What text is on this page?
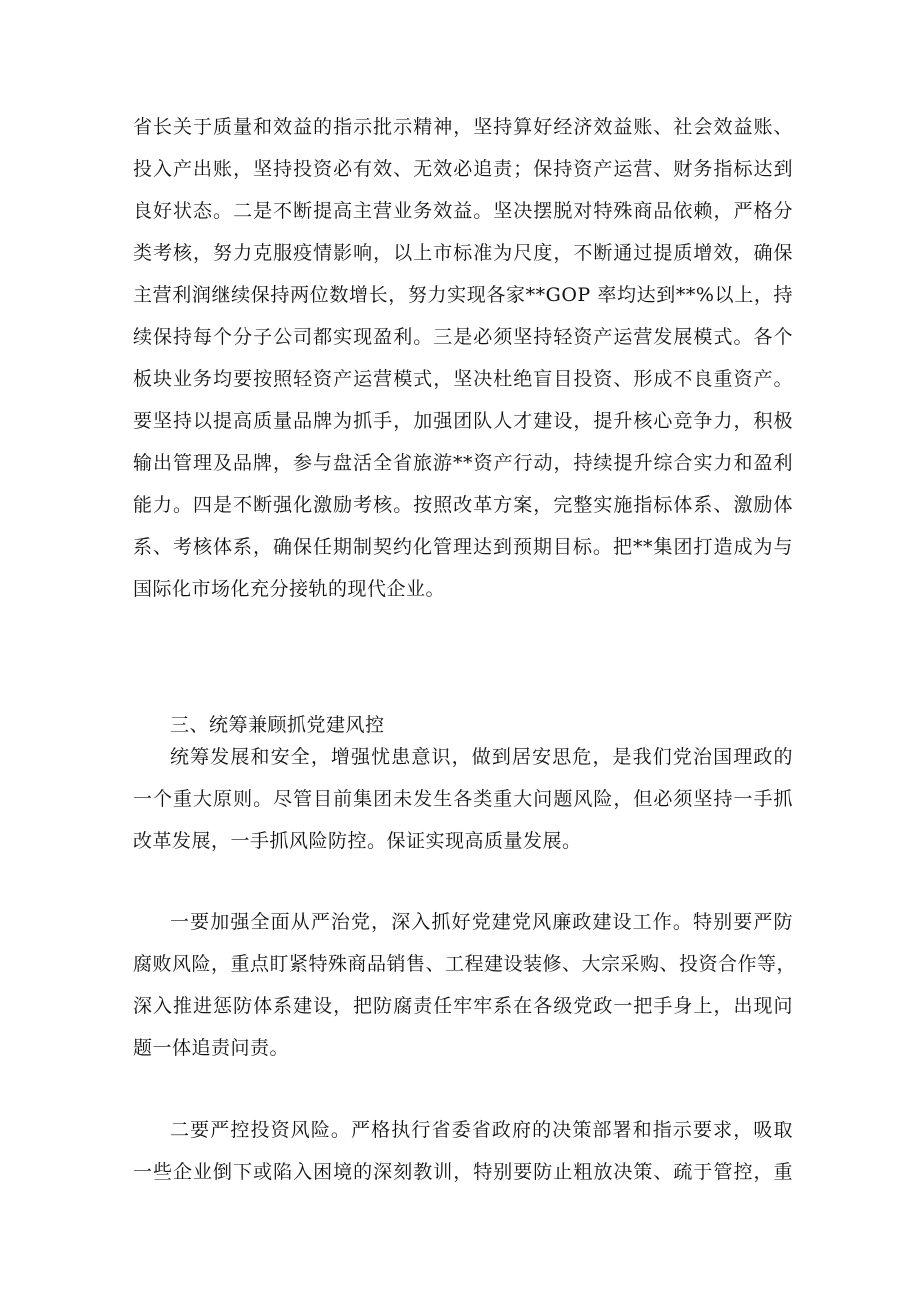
省长关于质量和效益的指示批示精神，坚持算好经济效益账、社会效益账、
投入产出账，坚持投资必有效、无效必追责；保持资产运营、财务指标达到
良好状态。二是不断提高主营业务效益。坚决摆脱对特殊商品依赖，严格分
类考核，努力克服疫情影响，以上市标准为尺度，不断通过提质增效，确保
主营利润继续保持两位数增长，努力实现各家**GOP 率均达到**%以上，持
续保持每个分子公司都实现盈利。三是必须坚持轻资产运营发展模式。各个
板块业务均要按照轻资产运营模式，坚决杜绝盲目投资、形成不良重资产。
要坚持以提高质量品牌为抓手，加强团队人才建设，提升核心竞争力，积极
输出管理及品牌，参与盘活全省旅游**资产行动，持续提升综合实力和盈利
能力。四是不断强化激励考核。按照改革方案，完整实施指标体系、激励体
系、考核体系，确保任期制契约化管理达到预期目标。把**集团打造成为与
国际化市场化充分接轨的现代企业。
三、统筹兼顾抓党建风控
统筹发展和安全，增强忧患意识，做到居安思危，是我们党治国理政的
一个重大原则。尽管目前集团未发生各类重大问题风险，但必须坚持一手抓
改革发展，一手抓风险防控。保证实现高质量发展。
一要加强全面从严治党，深入抓好党建党风廉政建设工作。特别要严防
腐败风险，重点盯紧特殊商品销售、工程建设装修、大宗采购、投资合作等，
深入推进惩防体系建设，把防腐责任牢牢系在各级党政一把手身上，出现问
题一体追责问责。
二要严控投资风险。严格执行省委省政府的决策部署和指示要求，吸取
一些企业倒下或陷入困境的深刻教训，特别要防止粗放决策、疏于管控，重
